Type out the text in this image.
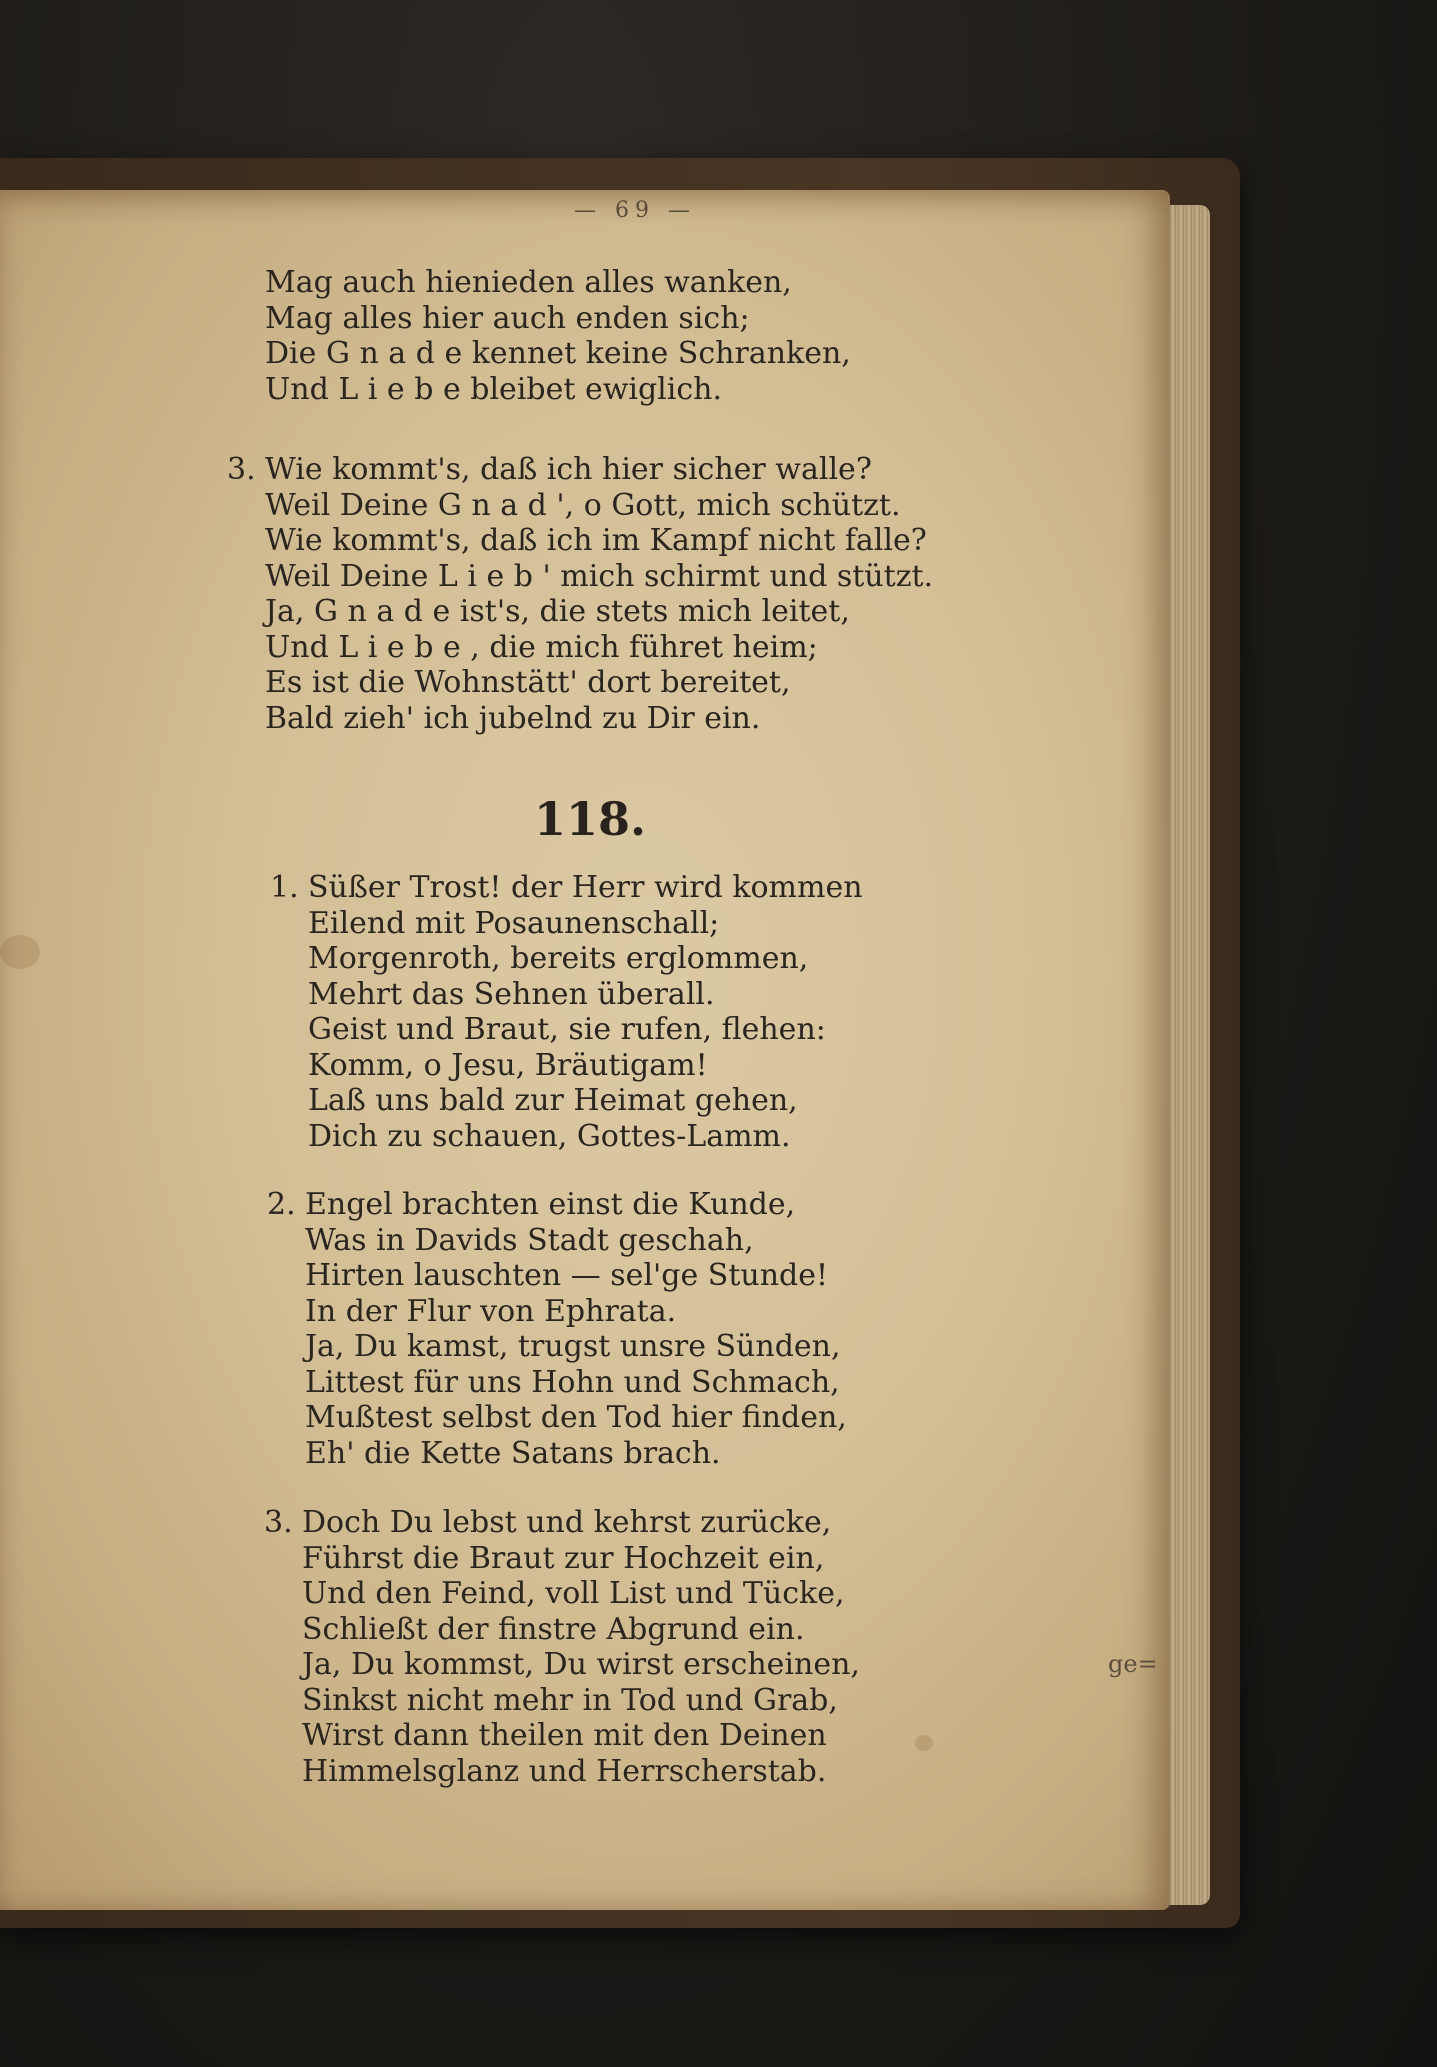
— 69 —
Mag auch hienieden alles wanken,
Mag alles hier auch enden sich;
Die G n a d e kennet keine Schranken,
Und L i e b e bleibet ewiglich.
3. Wie kommt's, daß ich hier sicher walle?
Weil Deine G n a d ', o Gott, mich schützt.
Wie kommt's, daß ich im Kampf nicht falle?
Weil Deine L i e b ' mich schirmt und stützt.
Ja, G n a d e ist's, die stets mich leitet,
Und L i e b e , die mich führet heim;
Es ist die Wohnstätt' dort bereitet,
Bald zieh' ich jubelnd zu Dir ein.
118.
1. Süßer Trost! der Herr wird kommen
Eilend mit Posaunenschall;
Morgenroth, bereits erglommen,
Mehrt das Sehnen überall.
Geist und Braut, sie rufen, flehen:
Komm, o Jesu, Bräutigam!
Laß uns bald zur Heimat gehen,
Dich zu schauen, Gottes-Lamm.
2. Engel brachten einst die Kunde,
Was in Davids Stadt geschah,
Hirten lauschten — sel'ge Stunde!
In der Flur von Ephrata.
Ja, Du kamst, trugst unsre Sünden,
Littest für uns Hohn und Schmach,
Mußtest selbst den Tod hier finden,
Eh' die Kette Satans brach.
3. Doch Du lebst und kehrst zurücke,
Führst die Braut zur Hochzeit ein,
Und den Feind, voll List und Tücke,
Schließt der finstre Abgrund ein.
Ja, Du kommst, Du wirst erscheinen,
Sinkst nicht mehr in Tod und Grab,
Wirst dann theilen mit den Deinen
Himmelsglanz und Herrscherstab.
ge=
